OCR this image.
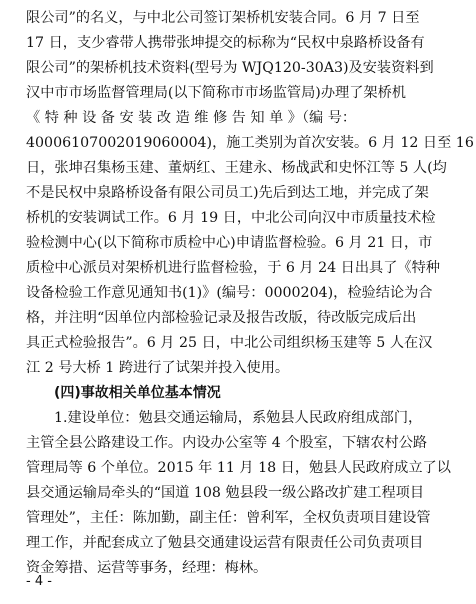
限公司”的名义，与中北公司签订架桥机安装合同。6 月 7 日至
17 日，支少睿带人携带张坤提交的标称为“民权中泉路桥设备有
限公司”的架桥机技术资料(型号为 WJQ120-30A3)及安装资料到
汉中市市场监督管理局(以下简称市市场监管局)办理了架桥机
《 特 种 设 备 安 装 改 造 维 修 告 知 单 》（编 号：
40006107002019060004)，施工类别为首次安装。6 月 12 日至 16
日，张坤召集杨玉建、董炳红、王建永、杨战武和史怀江等 5 人(均
不是民权中泉路桥设备有限公司员工)先后到达工地，并完成了架
桥机的安装调试工作。6 月 19 日，中北公司向汉中市质量技术检
验检测中心(以下简称市质检中心)申请监督检验。6 月 21 日，市
质检中心派员对架桥机进行监督检验，于 6 月 24 日出具了《特种
设备检验工作意见通知书(1)》(编号：0000204)，检验结论为合
格，并注明“因单位内部检验记录及报告改版，待改版完成后出
具正式检验报告”。6 月 25 日，中北公司组织杨玉建等 5 人在汉
江 2 号大桥 1 跨进行了试架并投入使用。
(四)事故相关单位基本情况
1.建设单位：勉县交通运输局，系勉县人民政府组成部门，
主管全县公路建设工作。内设办公室等 4 个股室，下辖农村公路
管理局等 6 个单位。2015 年 11 月 18 日，勉县人民政府成立了以
县交通运输局牵头的“国道 108 勉县段一级公路改扩建工程项目
管理处”，主任：陈加勤，副主任：曾利军，全权负责项目建设管
理工作，并配套成立了勉县交通建设运营有限责任公司负责项目
资金筹措、运营等事务，经理：梅林。
- 4 -
